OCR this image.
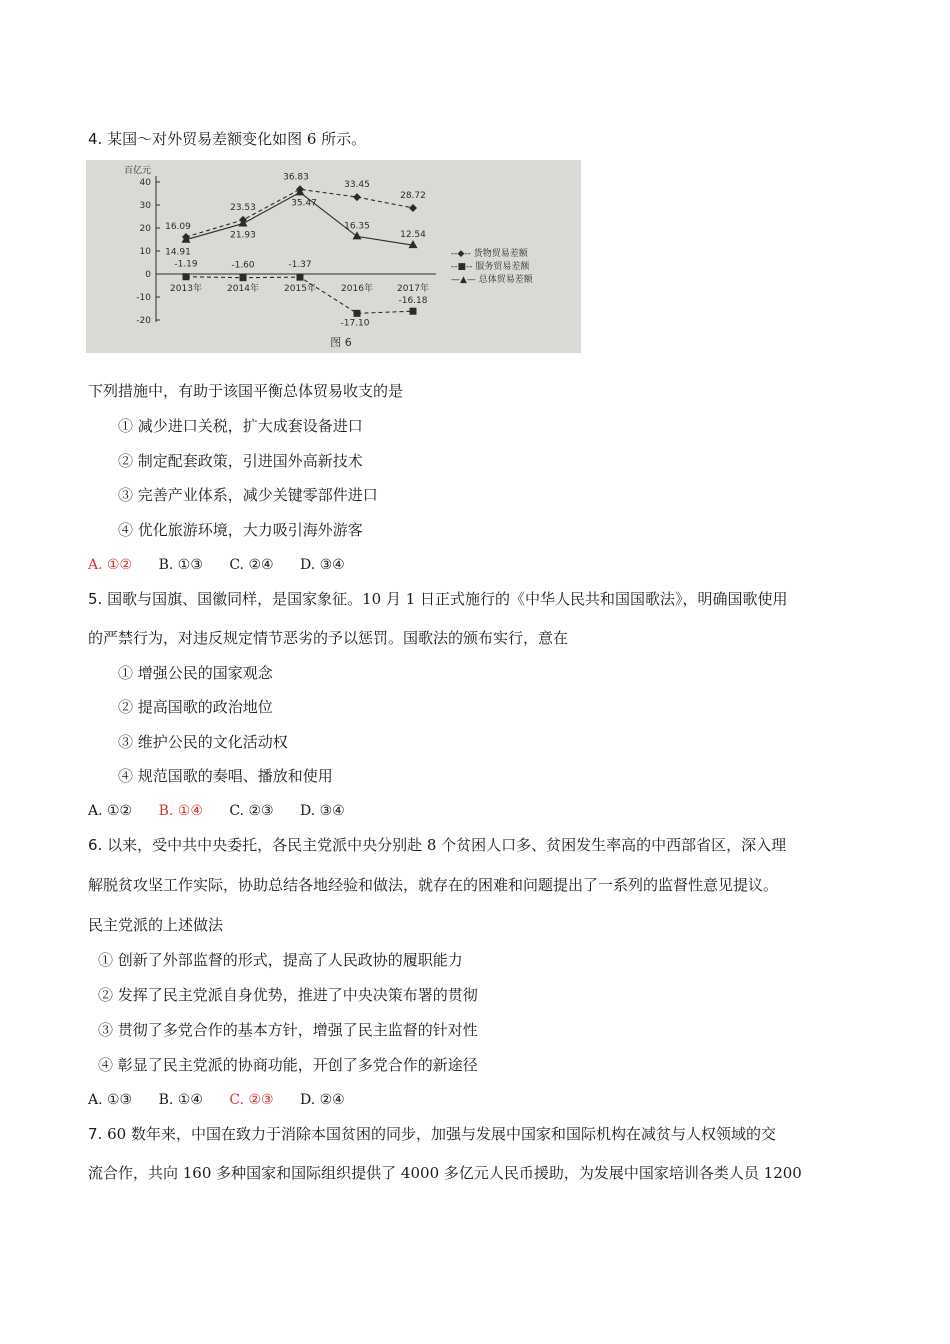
4. 某国～对外贸易差额变化如图 6 所示。
百亿元
40
30
20
10
0
-10
-20
2013年	2014年	2015年	2016年	2017年
16.09
23.53
36.83
33.45
28.72
-1.19	-1.60	-1.37
-17.10
-16.18
14.91
21.93
35.47
16.35
12.54
--◆-- 货物贸易差额
--■-- 服务贸易差额
—▲— 总体贸易差额
图 6
下列措施中，有助于该国平衡总体贸易收支的是
① 减少进口关税，扩大成套设备进口
② 制定配套政策，引进国外高新技术
③ 完善产业体系，减少关键零部件进口
④ 优化旅游环境，大力吸引海外游客
A. ①② B. ①③ C. ②④ D. ③④
5. 国歌与国旗、国徽同样，是国家象征。10 月 1 日正式施行的《中华人民共和国国歌法》，明确国歌使用
的严禁行为，对违反规定情节恶劣的予以惩罚。国歌法的颁布实行，意在
① 增强公民的国家观念
② 提高国歌的政治地位
③ 维护公民的文化活动权
④ 规范国歌的奏唱、播放和使用
A. ①② B. ①④ C. ②③ D. ③④
6. 以来，受中共中央委托，各民主党派中央分别赴 8 个贫困人口多、贫困发生率高的中西部省区，深入理
解脱贫攻坚工作实际，协助总结各地经验和做法，就存在的困难和问题提出了一系列的监督性意见提议。
民主党派的上述做法
① 创新了外部监督的形式，提高了人民政协的履职能力
② 发挥了民主党派自身优势，推进了中央决策布署的贯彻
③ 贯彻了多党合作的基本方针，增强了民主监督的针对性
④ 彰显了民主党派的协商功能，开创了多党合作的新途径
A. ①③ B. ①④ C. ②③ D. ②④
7. 60 数年来，中国在致力于消除本国贫困的同步，加强与发展中国家和国际机构在减贫与人权领域的交
流合作，共向 160 多种国家和国际组织提供了 4000 多亿元人民币援助，为发展中国家培训各类人员 1200
